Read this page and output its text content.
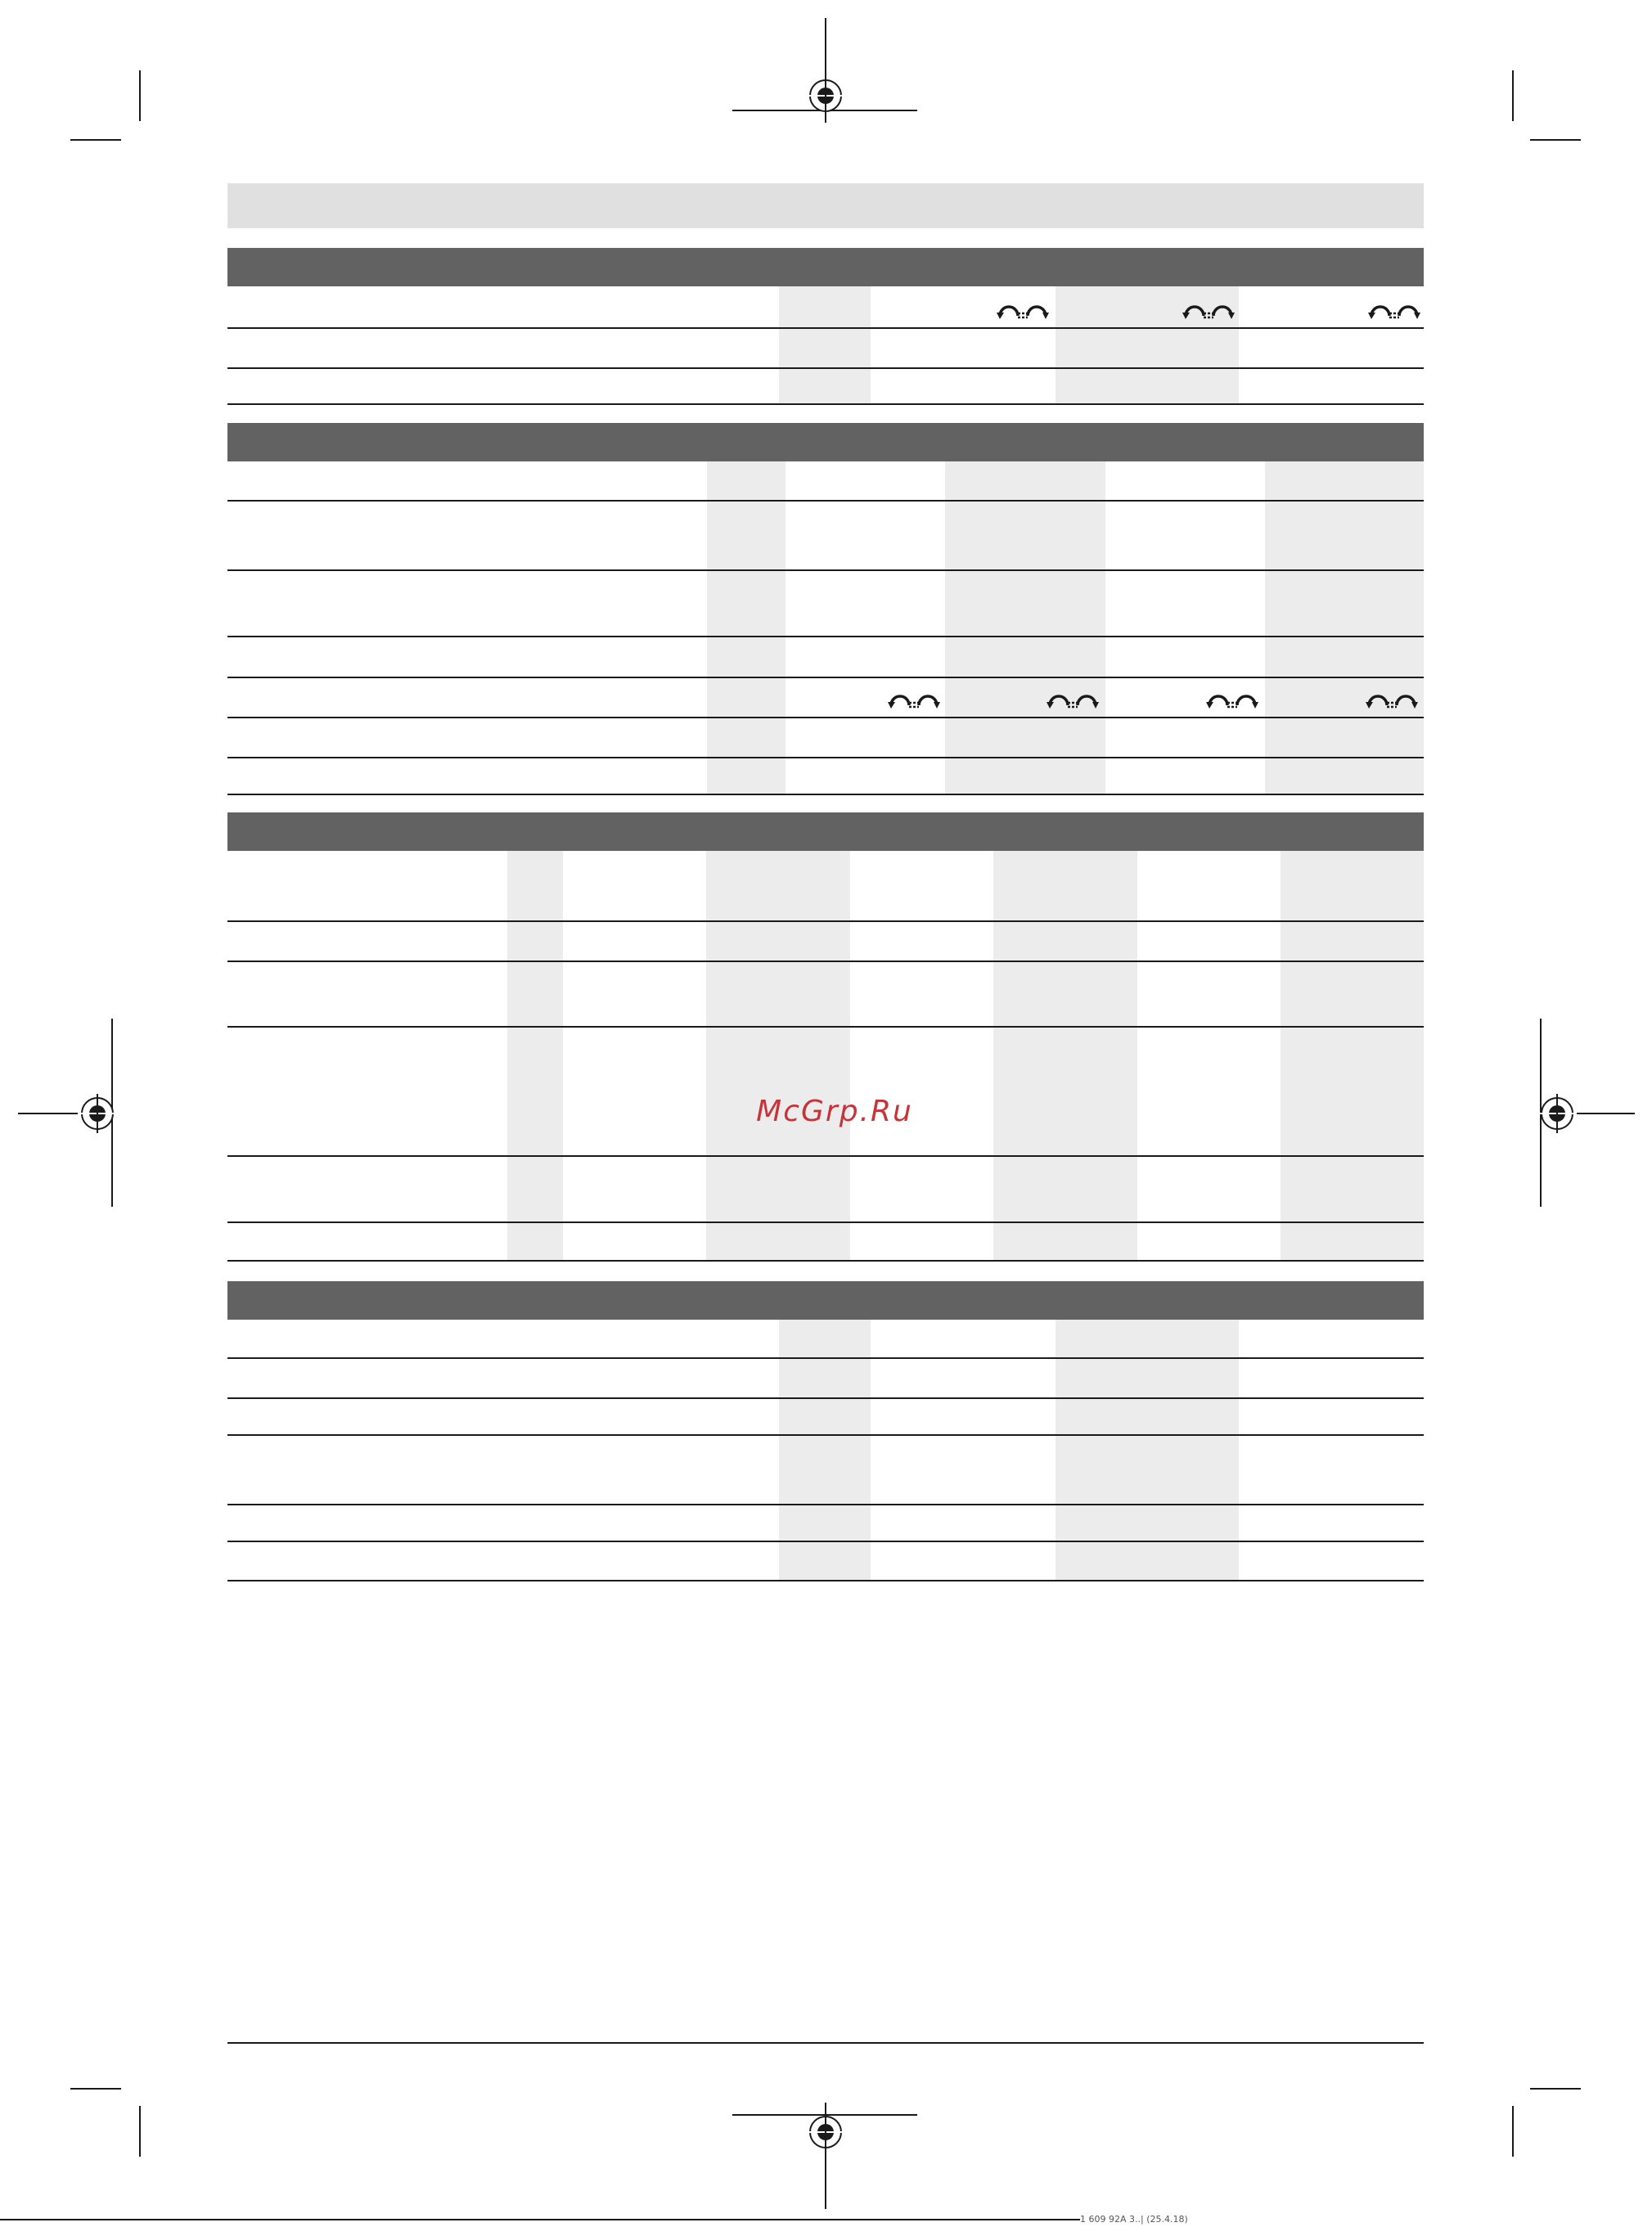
McGrp.Ru
1 609 92A 3..| (25.4.18)
